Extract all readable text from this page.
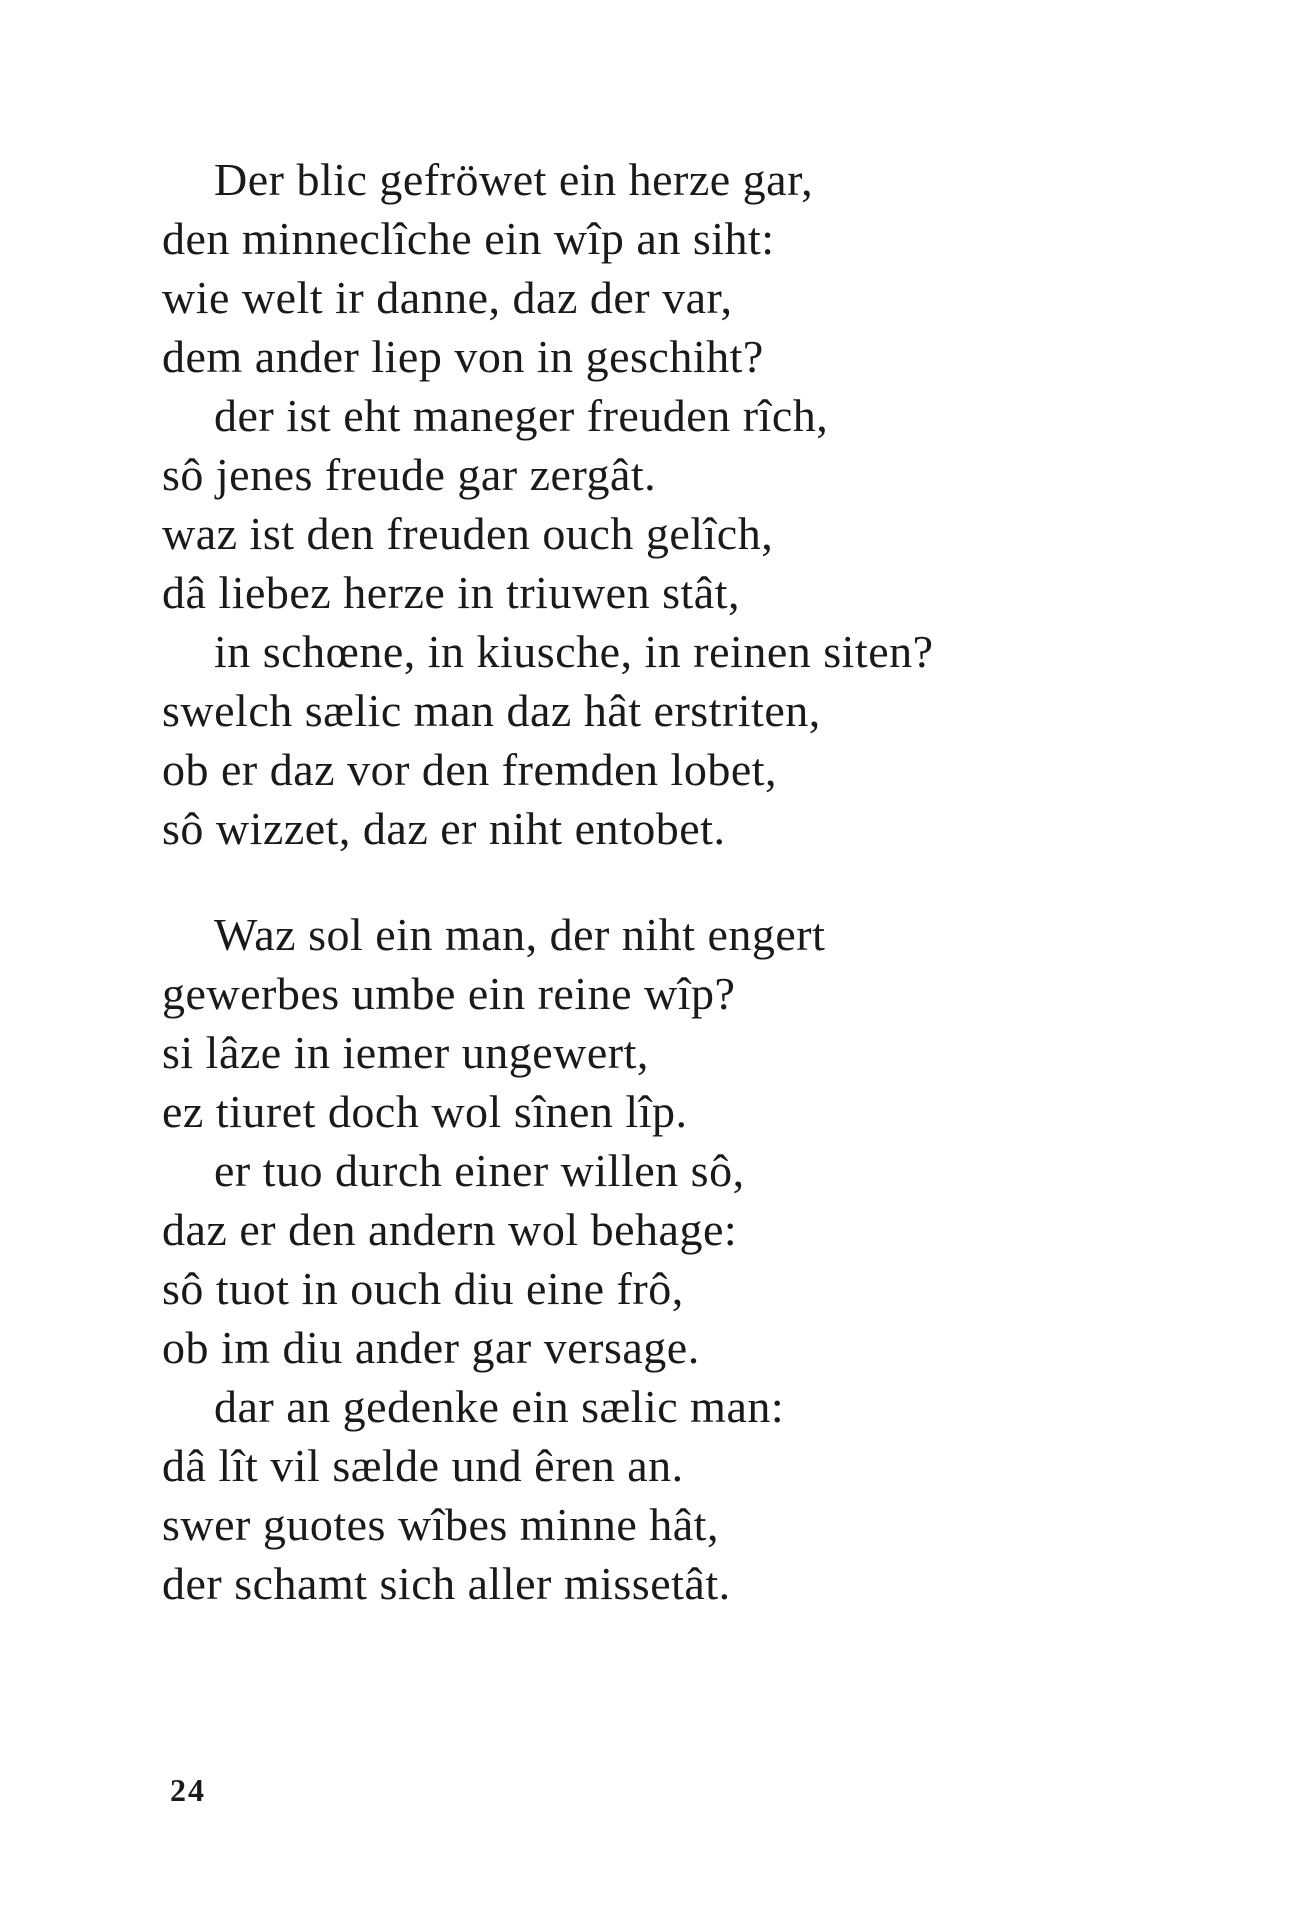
Der blic gefröwet ein herze gar,
den minneclîche ein wîp an siht:
wie welt ir danne, daz der var,
dem ander liep von in geschiht?
der ist eht maneger freuden rîch,
sô jenes freude gar zergât.
waz ist den freuden ouch gelîch,
dâ liebez herze in triuwen stât,
in schœne, in kiusche, in reinen siten?
swelch sælic man daz hât erstriten,
ob er daz vor den fremden lobet,
sô wizzet, daz er niht entobet.
Waz sol ein man, der niht engert
gewerbes umbe ein reine wîp?
si lâze in iemer ungewert,
ez tiuret doch wol sînen lîp.
er tuo durch einer willen sô,
daz er den andern wol behage:
sô tuot in ouch diu eine frô,
ob im diu ander gar versage.
dar an gedenke ein sælic man:
dâ lît vil sælde und êren an.
swer guotes wîbes minne hât,
der schamt sich aller missetât.
24
